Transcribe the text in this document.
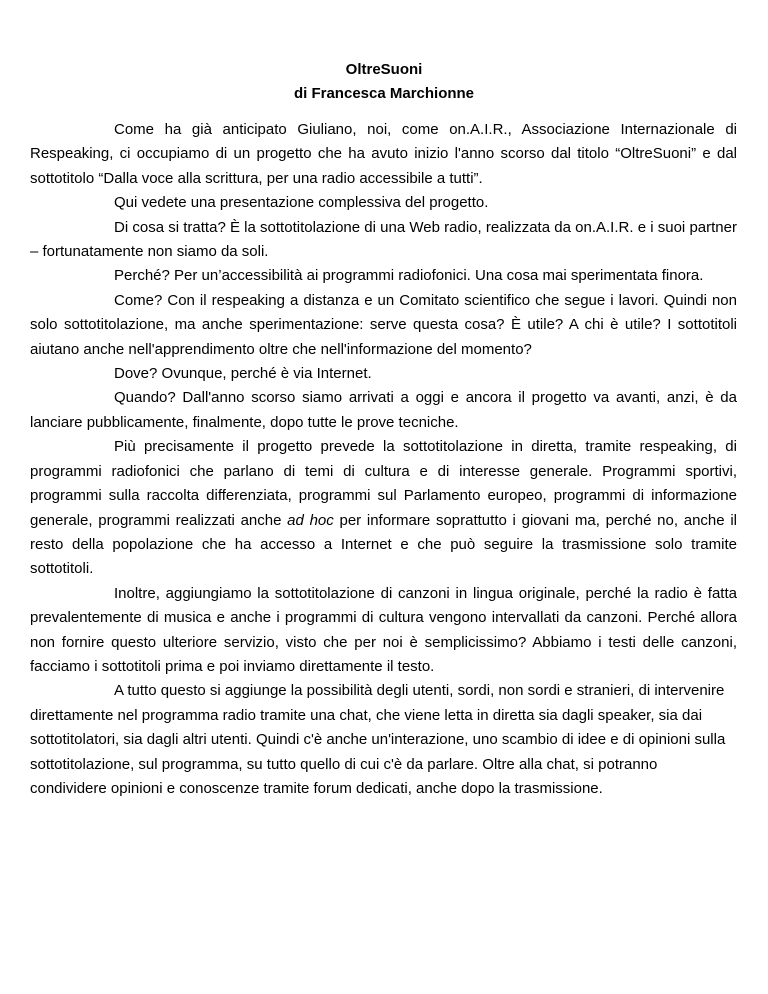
OltreSuoni

di Francesca Marchionne

Come ha già anticipato Giuliano, noi, come on.A.I.R., Associazione Internazionale di Respeaking, ci occupiamo di un progetto che ha avuto inizio l'anno scorso dal titolo “OltreSuoni” e dal sottotitolo “Dalla voce alla scrittura, per una radio accessibile a tutti”.

Qui vedete una presentazione complessiva del progetto.

Di cosa si tratta? È la sottotitolazione di una Web radio, realizzata da on.A.I.R. e i suoi partner – fortunatamente non siamo da soli.

Perché? Per un’accessibilità ai programmi radiofonici. Una cosa mai sperimentata finora.

Come? Con il respeaking a distanza e un Comitato scientifico che segue i lavori. Quindi non solo sottotitolazione, ma anche sperimentazione: serve questa cosa? È utile? A chi è utile? I sottotitoli aiutano anche nell'apprendimento oltre che nell'informazione del momento?

Dove? Ovunque, perché è via Internet.

Quando? Dall'anno scorso siamo arrivati a oggi e ancora il progetto va avanti, anzi, è da lanciare pubblicamente, finalmente, dopo tutte le prove tecniche.

Più precisamente il progetto prevede la sottotitolazione in diretta, tramite respeaking, di programmi radiofonici che parlano di temi di cultura e di interesse generale. Programmi sportivi, programmi sulla raccolta differenziata, programmi sul Parlamento europeo, programmi di informazione generale, programmi realizzati anche ad hoc per informare soprattutto i giovani ma, perché no, anche il resto della popolazione che ha accesso a Internet e che può seguire la trasmissione solo tramite sottotitoli.

Inoltre, aggiungiamo la sottotitolazione di canzoni in lingua originale, perché la radio è fatta prevalentemente di musica e anche i programmi di cultura vengono intervallati da canzoni. Perché allora non fornire questo ulteriore servizio, visto che per noi è semplicissimo? Abbiamo i testi delle canzoni, facciamo i sottotitoli prima e poi inviamo direttamente il testo.

A tutto questo si aggiunge la possibilità degli utenti, sordi, non sordi e stranieri, di intervenire direttamente nel programma radio tramite una chat, che viene letta in diretta sia dagli speaker, sia dai sottotitolatori, sia dagli altri utenti. Quindi c'è anche un'interazione, uno scambio di idee e di opinioni sulla sottotitolazione, sul programma, su tutto quello di cui c'è da parlare. Oltre alla chat, si potranno condividere opinioni e conoscenze tramite forum dedicati, anche dopo la trasmissione.
